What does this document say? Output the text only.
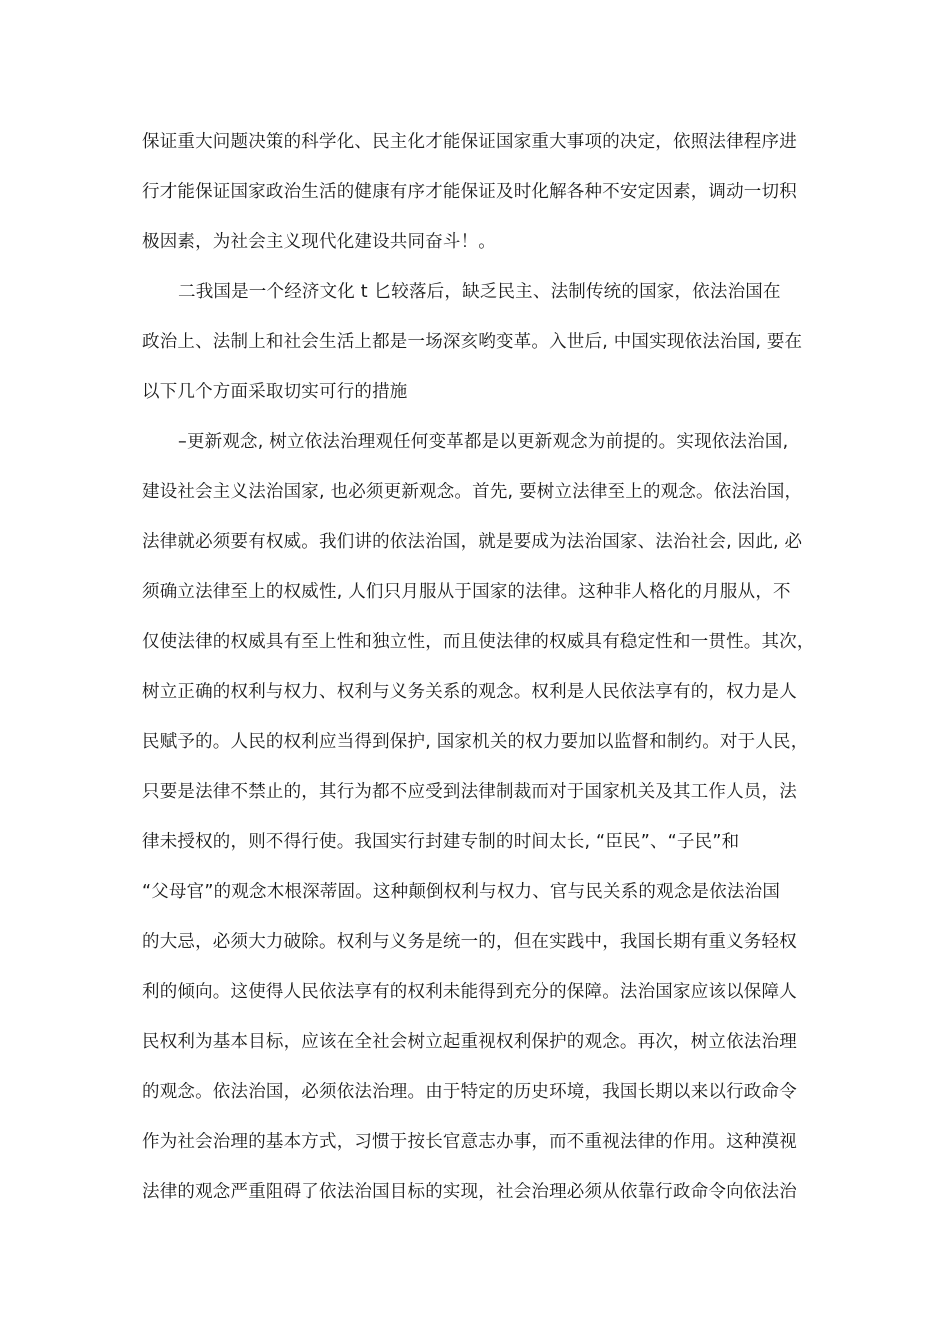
保证重大问题决策的科学化、民主化才能保证国家重大事项的决定，依照法律程序进
行才能保证国家政治生活的健康有序才能保证及时化解各种不安定因素，调动一切积
极因素，为社会主义现代化建设共同奋斗！。
二我国是一个经济文化 t 匕较落后，缺乏民主、法制传统的国家，依法治国在
政治上、法制上和社会生活上都是一场深亥哟变革。入世后, 中国实现依法治国, 要在
以下几个方面采取切实可行的措施
–更新观念, 树立依法治理观任何变革都是以更新观念为前提的。实现依法治国,
建设社会主义法治国家, 也必须更新观念。首先, 要树立法律至上的观念。依法治国，
法律就必须要有权威。我们讲的依法治国，就是要成为法治国家、法治社会, 因此, 必
须确立法律至上的权威性, 人们只月服从于国家的法律。这种非人格化的月服从，不
仅使法律的权威具有至上性和独立性，而且使法律的权威具有稳定性和一贯性。其次，
树立正确的权利与权力、权利与义务关系的观念。权利是人民依法享有的，权力是人
民赋予的。人民的权利应当得到保护, 国家机关的权力要加以监督和制约。对于人民，
只要是法律不禁止的，其行为都不应受到法律制裁而对于国家机关及其工作人员，法
律未授权的，则不得行使。我国实行封建专制的时间太长, “臣民”、“子民”和
“父母官”的观念木根深蒂固。这种颠倒权利与权力、官与民关系的观念是依法治国
的大忌，必须大力破除。权利与义务是统一的，但在实践中，我国长期有重义务轻权
利的倾向。这使得人民依法享有的权利未能得到充分的保障。法治国家应该以保障人
民权利为基本目标，应该在全社会树立起重视权利保护的观念。再次，树立依法治理
的观念。依法治国，必须依法治理。由于特定的历史环境，我国长期以来以行政命令
作为社会治理的基本方式，习惯于按长官意志办事，而不重视法律的作用。这种漠视
法律的观念严重阻碍了依法治国目标的实现，社会治理必须从依靠行政命令向依法治
